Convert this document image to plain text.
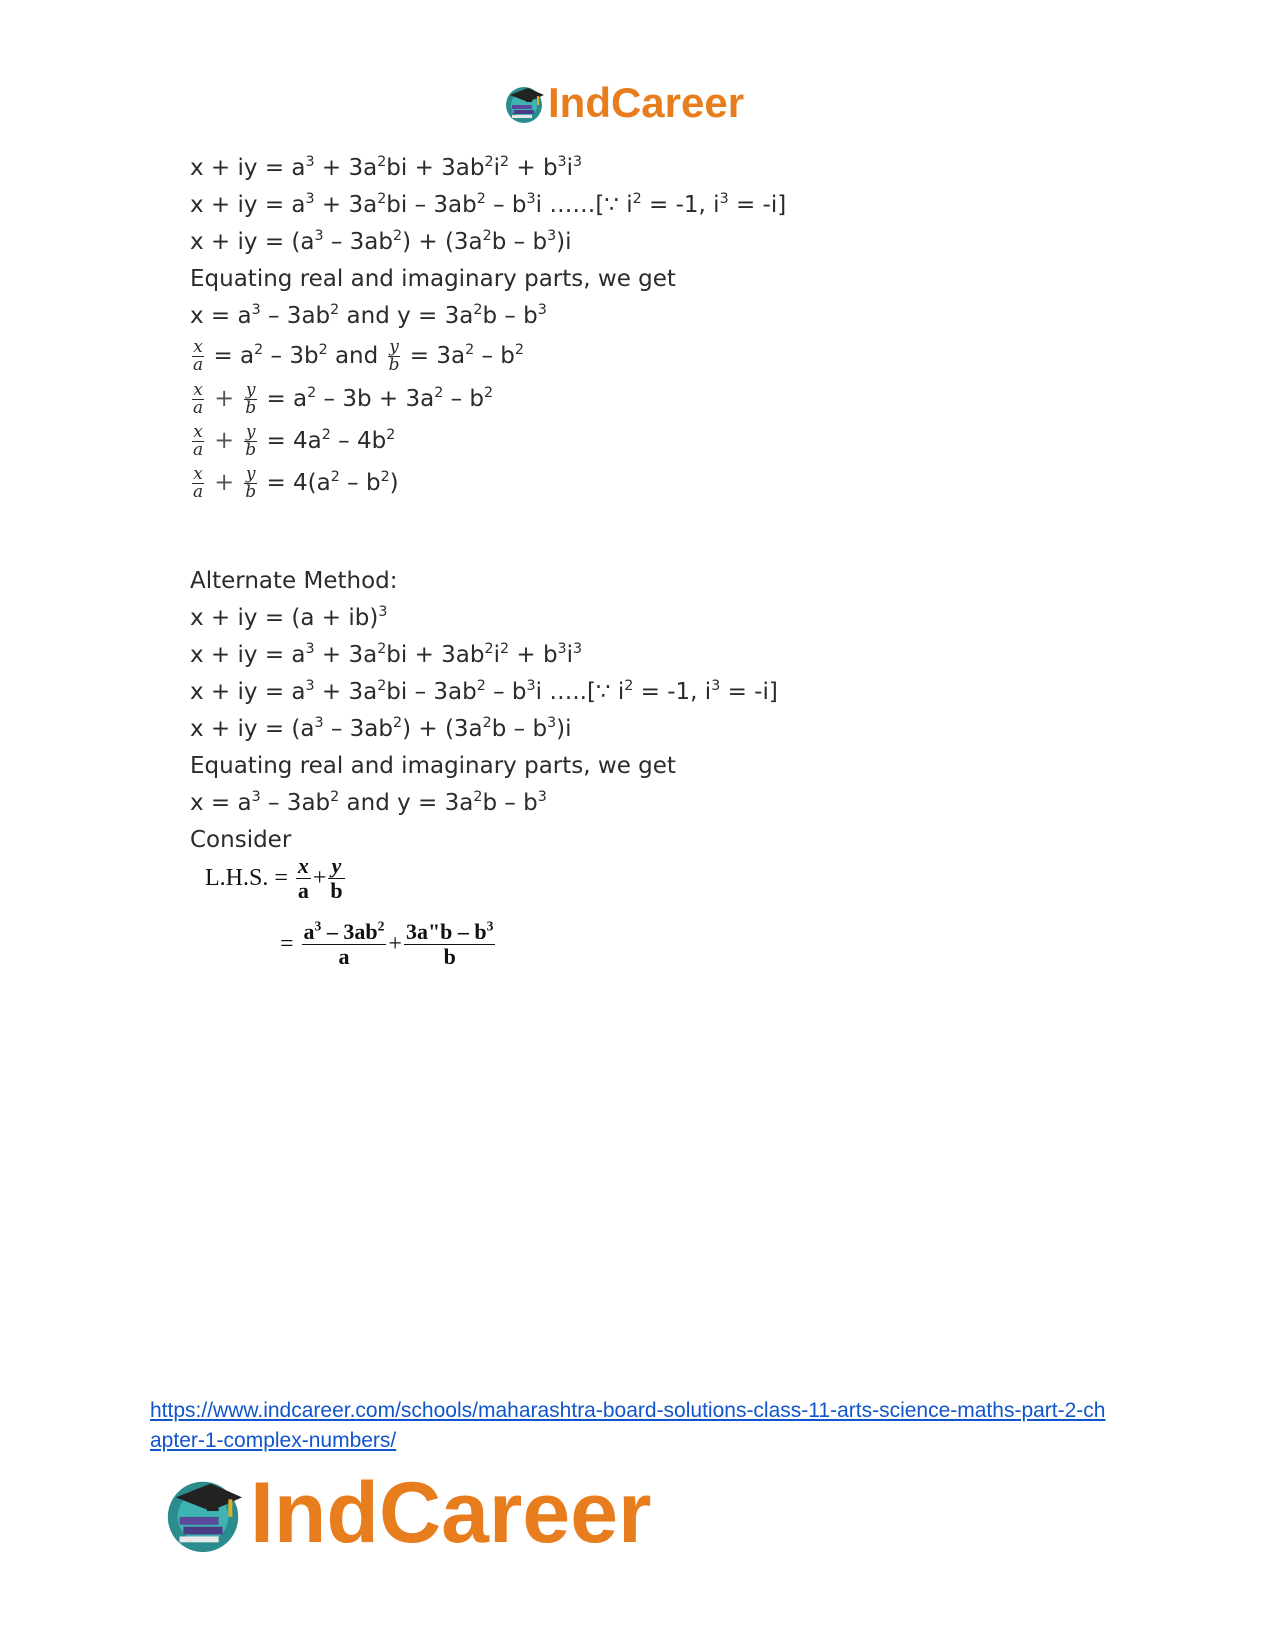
IndCareer
x + iy = $a^3 + 3a^2bi + 3ab^2i^2 + b^3i^3$
x + iy = $a^3 + 3a^2bi - 3ab^2 - b^3i$ ……[∵ $i^2 = -1$, $i^3 = -i$]
x + iy = $(a^3 - 3ab^2) + (3a^2b - b^3)i$
Equating real and imaginary parts, we get
$x = a^3 - 3ab^2$ and $y = 3a^2b - b^3$
$\frac{x}{a} = a^2 - 3b^2$ and $\frac{y}{b} = 3a^2 - b^2$
$\frac{x}{a} + \frac{y}{b} = a^2 - 3b + 3a^2 - b^2$
$\frac{x}{a} + \frac{y}{b} = 4a^2 - 4b^2$
$\frac{x}{a} + \frac{y}{b} = 4(a^2 - b^2)$
Alternate Method:
x + iy = (a + ib)$^3$
x + iy = $a^3 + 3a^2bi + 3ab^2i^2 + b^3i^3$
x + iy = $a^3 + 3a^2bi - 3ab^2 - b^3i$ …..[∵ $i^2 = -1$, $i^3 = -i$]
x + iy = $(a^3 - 3ab^2) + (3a^2b - b^3)i$
Equating real and imaginary parts, we get
$x = a^3 - 3ab^2$ and $y = 3a^2b - b^3$
Consider
L.H.S. = $\frac{x}{a} + \frac{y}{b}$
= $\frac{a^3 - 3ab^2}{a} + \frac{3a"b - b^3}{b}$
https://www.indcareer.com/schools/maharashtra-board-solutions-class-11-arts-science-maths-part-2-chapter-1-complex-numbers/
IndCareer
